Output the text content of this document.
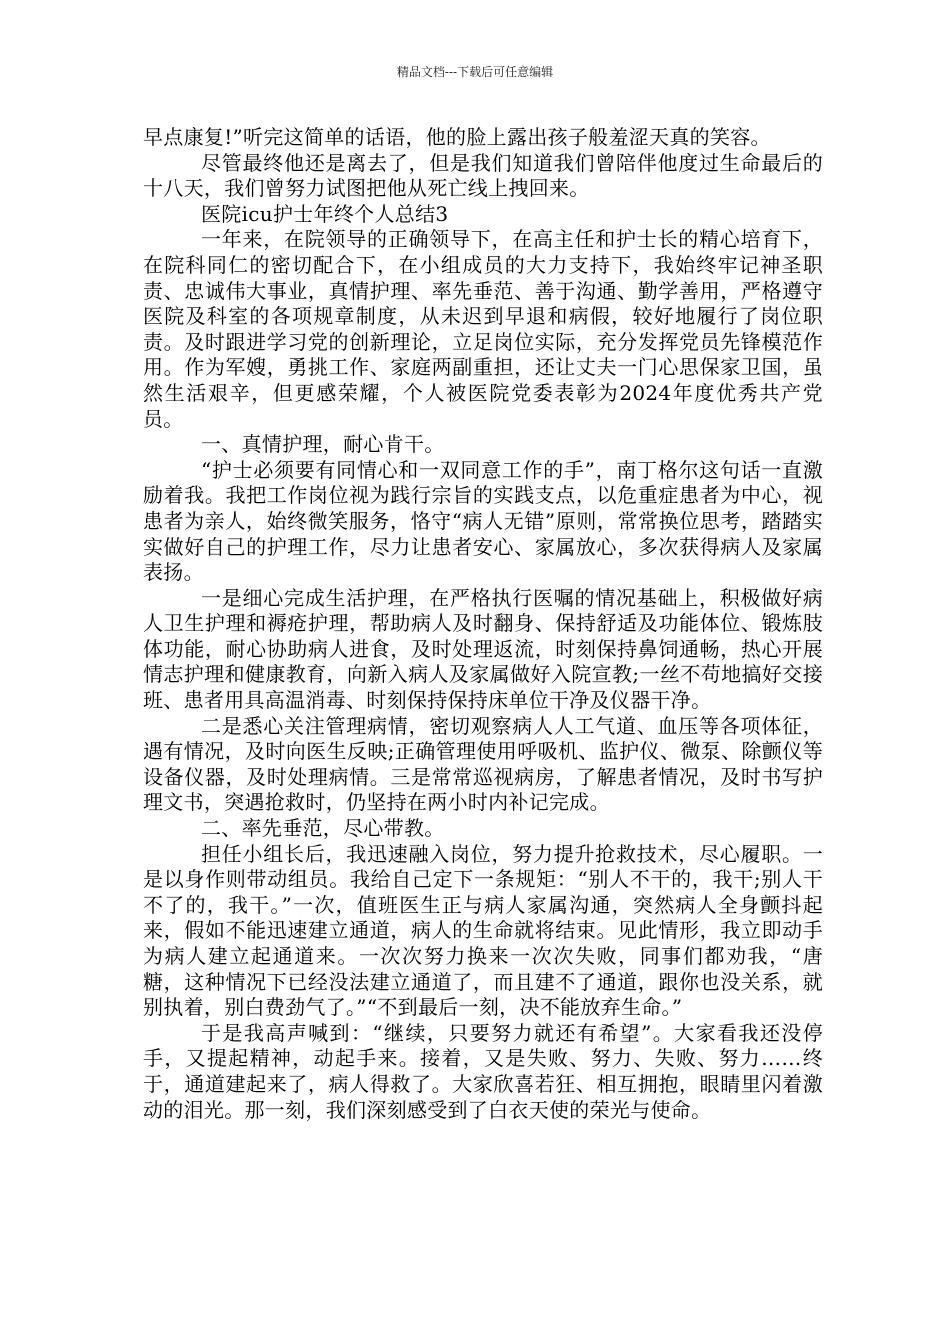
精品文档---下载后可任意编辑

早点康复!”听完这简单的话语，他的脸上露出孩子般羞涩天真的笑容。

尽管最终他还是离去了，但是我们知道我们曾陪伴他度过生命最后的十八天，我们曾努力试图把他从死亡线上拽回来。

医院icu护士年终个人总结3

一年来，在院领导的正确领导下，在高主任和护士长的精心培育下，在院科同仁的密切配合下，在小组成员的大力支持下，我始终牢记神圣职责、忠诚伟大事业，真情护理、率先垂范、善于沟通、勤学善用，严格遵守医院及科室的各项规章制度，从未迟到早退和病假，较好地履行了岗位职责。及时跟进学习党的创新理论，立足岗位实际，充分发挥党员先锋模范作用。作为军嫂，勇挑工作、家庭两副重担，还让丈夫一门心思保家卫国，虽然生活艰辛，但更感荣耀，个人被医院党委表彰为2024年度优秀共产党员。

一、真情护理，耐心肯干。

“护士必须要有同情心和一双同意工作的手”，南丁格尔这句话一直激励着我。我把工作岗位视为践行宗旨的实践支点，以危重症患者为中心，视患者为亲人，始终微笑服务，恪守“病人无错”原则，常常换位思考，踏踏实实做好自己的护理工作，尽力让患者安心、家属放心，多次获得病人及家属表扬。

一是细心完成生活护理，在严格执行医嘱的情况基础上，积极做好病人卫生护理和褥疮护理，帮助病人及时翻身、保持舒适及功能体位、锻炼肢体功能，耐心协助病人进食，及时处理返流，时刻保持鼻饲通畅，热心开展情志护理和健康教育，向新入病人及家属做好入院宣教;一丝不苟地搞好交接班、患者用具高温消毒、时刻保持保持床单位干净及仪器干净。

二是悉心关注管理病情，密切观察病人人工气道、血压等各项体征，遇有情况，及时向医生反映;正确管理使用呼吸机、监护仪、微泵、除颤仪等设备仪器，及时处理病情。三是常常巡视病房，了解患者情况，及时书写护理文书，突遇抢救时，仍坚持在两小时内补记完成。

二、率先垂范，尽心带教。

担任小组长后，我迅速融入岗位，努力提升抢救技术，尽心履职。一是以身作则带动组员。我给自己定下一条规矩：“别人不干的，我干;别人干不了的，我干。”一次，值班医生正与病人家属沟通，突然病人全身颤抖起来，假如不能迅速建立通道，病人的生命就将结束。见此情形，我立即动手为病人建立起通道来。一次次努力换来一次次失败，同事们都劝我，“唐糖，这种情况下已经没法建立通道了，而且建不了通道，跟你也没关系，就别执着，别白费劲气了。”“不到最后一刻，决不能放弃生命。”

于是我高声喊到：“继续，只要努力就还有希望”。大家看我还没停手，又提起精神，动起手来。接着，又是失败、努力、失败、努力……终于，通道建起来了，病人得救了。大家欣喜若狂、相互拥抱，眼睛里闪着激动的泪光。那一刻，我们深刻感受到了白衣天使的荣光与使命。
